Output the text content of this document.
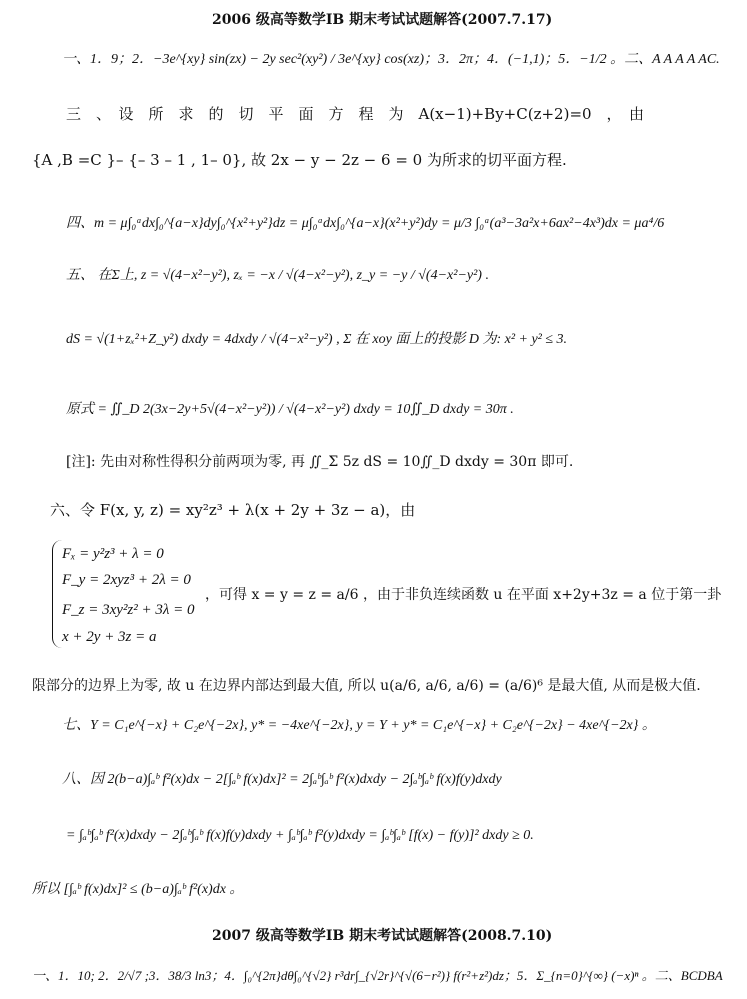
2006 级高等数学IB 期末考试试题解答(2007.7.17)
一、1．9；2．−3e^{xy} sin(zx) − 2y sec²(xy²) / 3e^{xy} cos(xz)；3．2π；4．(−1,1)；5．−1/2 。二、A A A A AC.
三　、　设　所　求　的　切　平　面　方　程　为　A(x−1)+By+C(z+2)=0　，　由
{A ,B =C }– {– 3 – 1 , 1– 0}, 故 2x − y − 2z − 6 = 0 为所求的切平面方程.
四、m = μ∫₀ᵃdx∫₀^{a−x}dy∫₀^{x²+y²}dz = μ∫₀ᵃdx∫₀^{a−x}(x²+y²)dy = μ/3 ∫₀ᵃ(a³−3a²x+6ax²−4x³)dx = μa⁴/6
五、 在Σ上, z = √(4−x²−y²), zₓ = −x / √(4−x²−y²), z_y = −y / √(4−x²−y²) .
dS = √(1+zₓ²+Z_y²) dxdy = 4dxdy / √(4−x²−y²) , Σ 在 xoy 面上的投影 D 为: x² + y² ≤ 3.
原式 = ∬_D 2(3x−2y+5√(4−x²−y²)) / √(4−x²−y²) dxdy = 10∬_D dxdy = 30π .
[注]: 先由对称性得积分前两项为零, 再 ∬_Σ 5z dS = 10∬_D dxdy = 30π 即可.
六、令 F(x, y, z) = xy²z³ + λ(x + 2y + 3z − a)，由
Fₓ = y²z³ + λ = 0
F_y = 2xyz³ + 2λ = 0
F_z = 3xy²z² + 3λ = 0
x + 2y + 3z = a
，可得 x = y = z = a/6 ，由于非负连续函数 u 在平面 x+2y+3z = a 位于第一卦
限部分的边界上为零, 故 u 在边界内部达到最大值, 所以 u(a/6, a/6, a/6) = (a/6)⁶ 是最大值, 从而是极大值.
七、Y = C₁e^{−x} + C₂e^{−2x}, y* = −4xe^{−2x}, y = Y + y* = C₁e^{−x} + C₂e^{−2x} − 4xe^{−2x} 。
八、因 2(b−a)∫ₐᵇ f²(x)dx − 2[∫ₐᵇ f(x)dx]² = 2∫ₐᵇ∫ₐᵇ f²(x)dxdy − 2∫ₐᵇ∫ₐᵇ f(x)f(y)dxdy
= ∫ₐᵇ∫ₐᵇ f²(x)dxdy − 2∫ₐᵇ∫ₐᵇ f(x)f(y)dxdy + ∫ₐᵇ∫ₐᵇ f²(y)dxdy = ∫ₐᵇ∫ₐᵇ [f(x) − f(y)]² dxdy ≥ 0.
所以 [∫ₐᵇ f(x)dx]² ≤ (b−a)∫ₐᵇ f²(x)dx 。
2007 级高等数学IB 期末考试试题解答(2008.7.10)
一、1．10; 2．2/√7 ;3．38/3 ln3；4．∫₀^{2π}dθ∫₀^{√2} r³dr∫_{√2r}^{√(6−r²)} f(r²+z²)dz；5．Σ_{n=0}^{∞} (−x)ⁿ 。二、BCDBA
